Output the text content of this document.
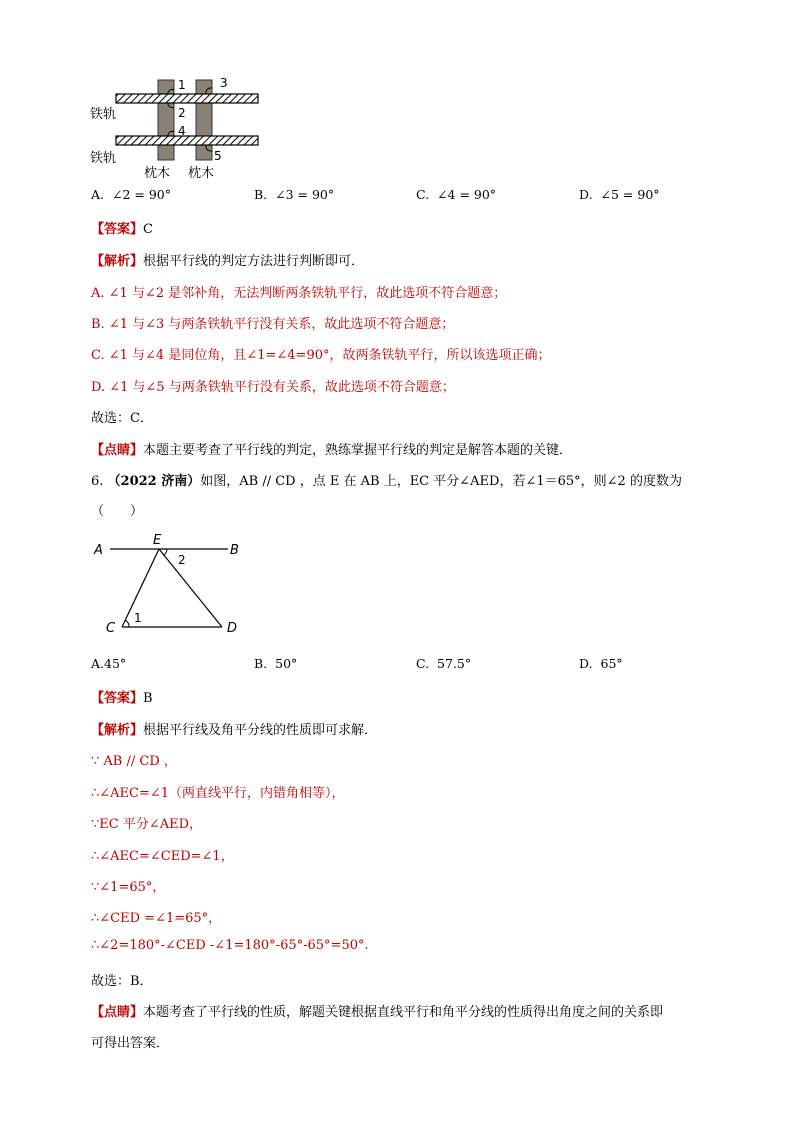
1
2
3
4
5
铁轨
铁轨
枕木 枕木
A. ∠2 = 90°	B. ∠3 = 90°	C. ∠4 = 90°	D. ∠5 = 90°
【答案】C
【解析】根据平行线的判定方法进行判断即可．
A. ∠1 与∠2 是邻补角，无法判断两条铁轨平行，故此选项不符合题意；
B. ∠1 与∠3 与两条铁轨平行没有关系，故此选项不符合题意；
C. ∠1 与∠4 是同位角，且∠1=∠4=90°，故两条铁轨平行，所以该选项正确；
D. ∠1 与∠5 与两条铁轨平行没有关系，故此选项不符合题意；
故选：C．
【点睛】本题主要考查了平行线的判定，熟练掌握平行线的判定是解答本题的关键．
6. （2022 济南）如图，AB // CD ，点 E 在 AB 上，EC 平分∠AED，若∠1＝65°，则∠2 的度数为
（　　）
A	B
E
C	D
1
2
A.45°	B. 50°	C. 57.5°	D. 65°
【答案】B
【解析】根据平行线及角平分线的性质即可求解．
∵ AB // CD ，
∴∠AEC=∠1（两直线平行，内错角相等），
∵EC 平分∠AED，
∴∠AEC=∠CED=∠1，
∵∠1=65°，
∴∠CED =∠1=65°，
∴∠2=180°-∠CED -∠1=180°-65°-65°=50°.
故选：B．
【点睛】本题考查了平行线的性质，解题关键根据直线平行和角平分线的性质得出角度之间的关系即
可得出答案．
